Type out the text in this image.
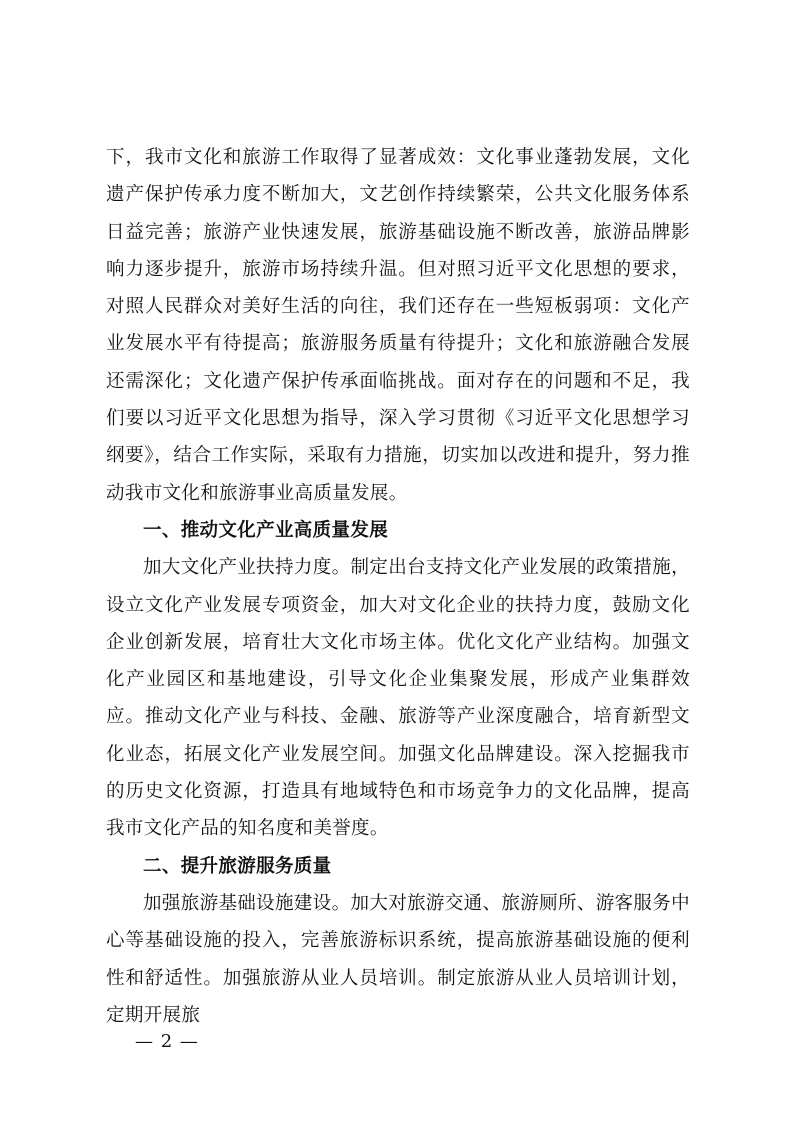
下，我市文化和旅游工作取得了显著成效：文化事业蓬勃发展，文化遗产保护传承力度不断加大，文艺创作持续繁荣，公共文化服务体系日益完善；旅游产业快速发展，旅游基础设施不断改善，旅游品牌影响力逐步提升，旅游市场持续升温。但对照习近平文化思想的要求，对照人民群众对美好生活的向往，我们还存在一些短板弱项：文化产业发展水平有待提高；旅游服务质量有待提升；文化和旅游融合发展还需深化；文化遗产保护传承面临挑战。面对存在的问题和不足，我们要以习近平文化思想为指导，深入学习贯彻《习近平文化思想学习纲要》，结合工作实际，采取有力措施，切实加以改进和提升，努力推动我市文化和旅游事业高质量发展。

一、推动文化产业高质量发展

加大文化产业扶持力度。制定出台支持文化产业发展的政策措施，设立文化产业发展专项资金，加大对文化企业的扶持力度，鼓励文化企业创新发展，培育壮大文化市场主体。优化文化产业结构。加强文化产业园区和基地建设，引导文化企业集聚发展，形成产业集群效应。推动文化产业与科技、金融、旅游等产业深度融合，培育新型文化业态，拓展文化产业发展空间。加强文化品牌建设。深入挖掘我市的历史文化资源，打造具有地域特色和市场竞争力的文化品牌，提高我市文化产品的知名度和美誉度。

二、提升旅游服务质量

加强旅游基础设施建设。加大对旅游交通、旅游厕所、游客服务中心等基础设施的投入，完善旅游标识系统，提高旅游基础设施的便利性和舒适性。加强旅游从业人员培训。制定旅游从业人员培训计划，定期开展旅

— 2 —
